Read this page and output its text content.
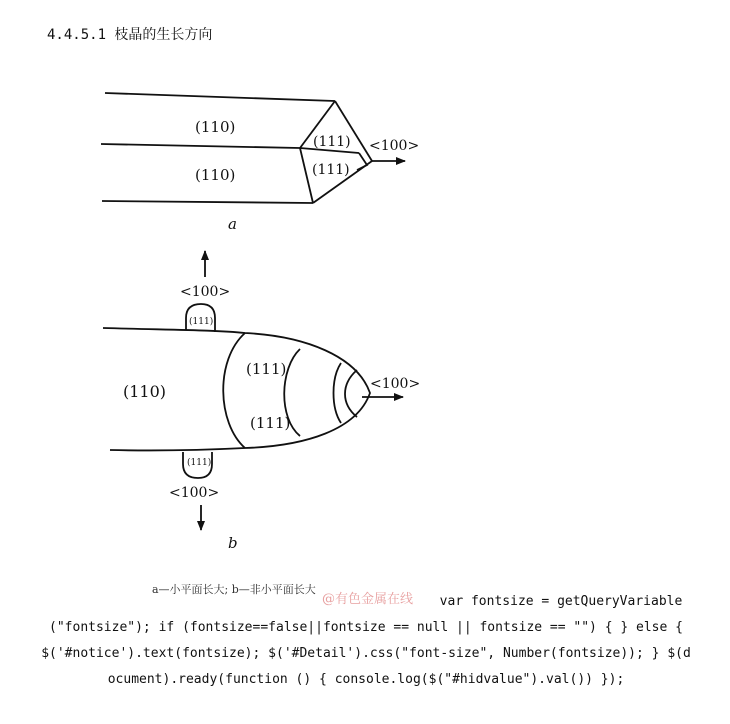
4.4.5.1 枝晶的生长方向
(110)
(110)
(111)
(111)
<100>
a
<100>
(111)
(110)
(111)
(111)
<100>
(111)
<100>
b
a—小平面长大; b—非小平面长大
@有色金属在线	var fontsize = getQueryVariable ("fontsize"); if (fontsize==false||fontsize == null || fontsize == "") { } else { $('#notice').text(fontsize); $('#Detail').css("font-size", Number(fontsize)); } $(document).ready(function () { console.log($("#hidvalue").val()) });
